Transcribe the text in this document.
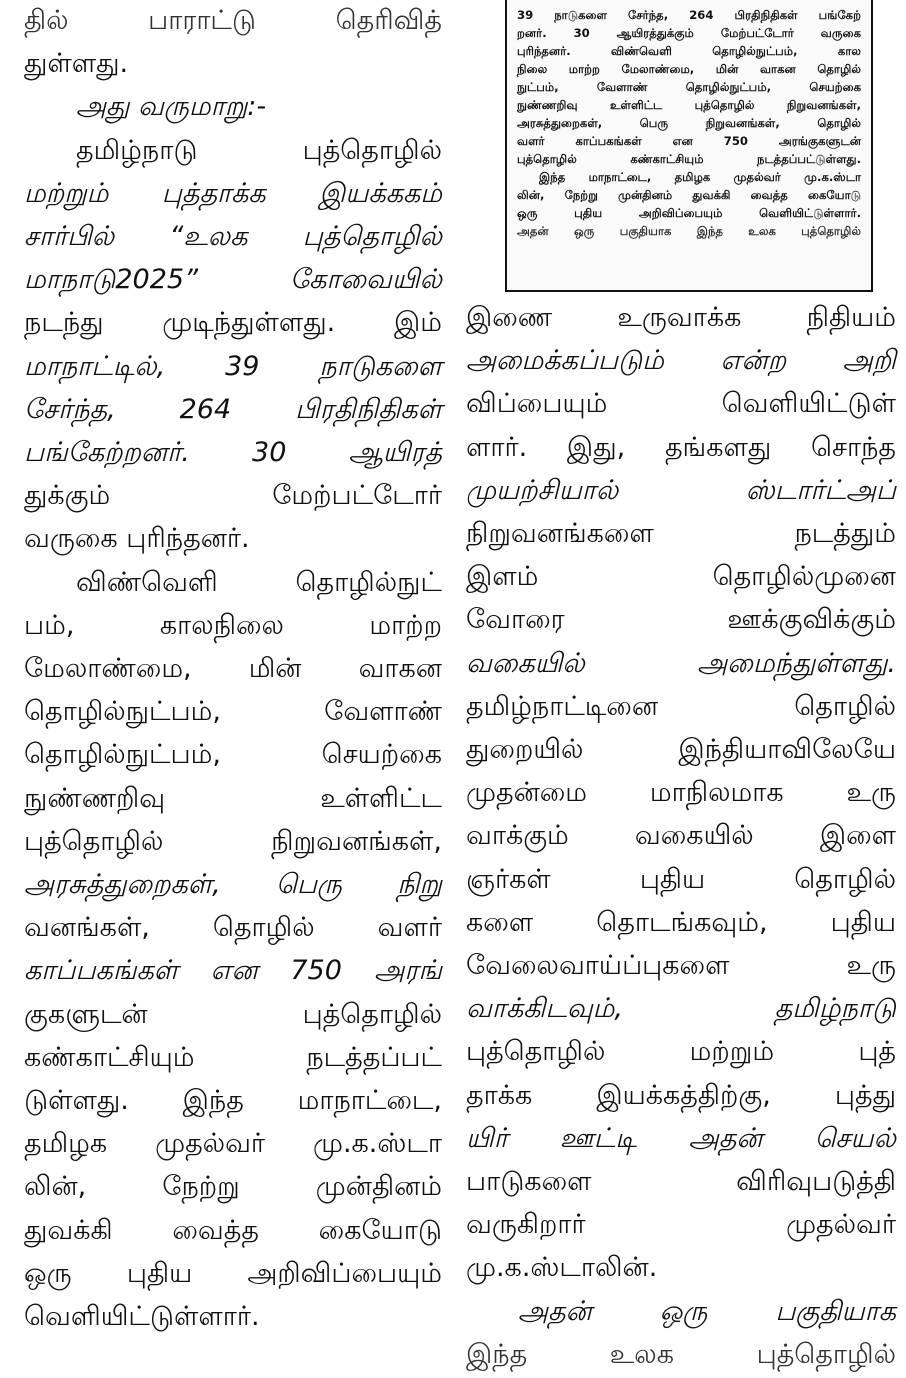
தில் பாராட்டு தெரிவித்
துள்ளது.
அது வருமாறு:-
தமிழ்நாடு புத்தொழில்
மற்றும் புத்தாக்க இயக்ககம்
சார்பில் “உலக புத்தொழில்
மாநாடு2025” கோவையில்
நடந்து முடிந்துள்ளது. இம்
மாநாட்டில், 39 நாடுகளை
சேர்ந்த, 264 பிரதிநிதிகள்
பங்கேற்றனர். 30 ஆயிரத்
துக்கும் மேற்பட்டோர்
வருகை புரிந்தனர்.
விண்வெளி தொழில்நுட்
பம், காலநிலை மாற்ற
மேலாண்மை, மின் வாகன
தொழில்நுட்பம், வேளாண்
தொழில்நுட்பம், செயற்கை
நுண்ணறிவு உள்ளிட்ட
புத்தொழில் நிறுவனங்கள்,
அரசுத்துறைகள், பெரு நிறு
வனங்கள், தொழில் வளர்
காப்பகங்கள் என 750 அரங்
குகளுடன் புத்தொழில்
கண்காட்சியும் நடத்தப்பட்
டுள்ளது. இந்த மாநாட்டை,
தமிழக முதல்வர் மு.க.ஸ்டா
லின், நேற்று முன்தினம்
துவக்கி வைத்த கையோடு
ஒரு புதிய அறிவிப்பையும்
வெளியிட்டுள்ளார்.
இணை உருவாக்க நிதியம்
அமைக்கப்படும் என்ற அறி
விப்பையும் வெளியிட்டுள்
ளார். இது, தங்களது சொந்த
முயற்சியால் ஸ்டார்ட்அப்
நிறுவனங்களை நடத்தும்
இளம் தொழில்முனை
வோரை ஊக்குவிக்கும்
வகையில் அமைந்துள்ளது.
தமிழ்நாட்டினை தொழில்
துறையில் இந்தியாவிலேயே
முதன்மை மாநிலமாக உரு
வாக்கும் வகையில் இளை
ஞர்கள் புதிய தொழில்
களை தொடங்கவும், புதிய
வேலைவாய்ப்புகளை உரு
வாக்கிடவும், தமிழ்நாடு
புத்தொழில் மற்றும் புத்
தாக்க இயக்கத்திற்கு, புத்து
யிர் ஊட்டி அதன் செயல்
பாடுகளை விரிவுபடுத்தி
வருகிறார் முதல்வர்
மு.க.ஸ்டாலின்.
அதன் ஒரு பகுதியாக
இந்த உலக புத்தொழில்
39 நாடுகளை சேர்ந்த, 264 பிரதிநிதிகள் பங்கேற்
றனர். 30 ஆயிரத்துக்கும் மேற்பட்டோர் வருகை
புரிந்தனர். விண்வெளி தொழில்நுட்பம், கால
நிலை மாற்ற மேலாண்மை, மின் வாகன தொழில்
நுட்பம், வேளாண் தொழில்நுட்பம், செயற்கை
நுண்ணறிவு உள்ளிட்ட புத்தொழில் நிறுவனங்கள்,
அரசுத்துறைகள், பெரு நிறுவனங்கள், தொழில்
வளர் காப்பகங்கள் என 750 அரங்குகளுடன்
புத்தொழில் கண்காட்சியும் நடத்தப்பட்டுள்ளது.
இந்த மாநாட்டை, தமிழக முதல்வர் மு.க.ஸ்டா
லின், நேற்று முன்தினம் துவக்கி வைத்த கையோடு
ஒரு புதிய அறிவிப்பையும் வெளியிட்டுள்ளார்.
அதன் ஒரு பகுதியாக இந்த உலக புத்தொழில்
